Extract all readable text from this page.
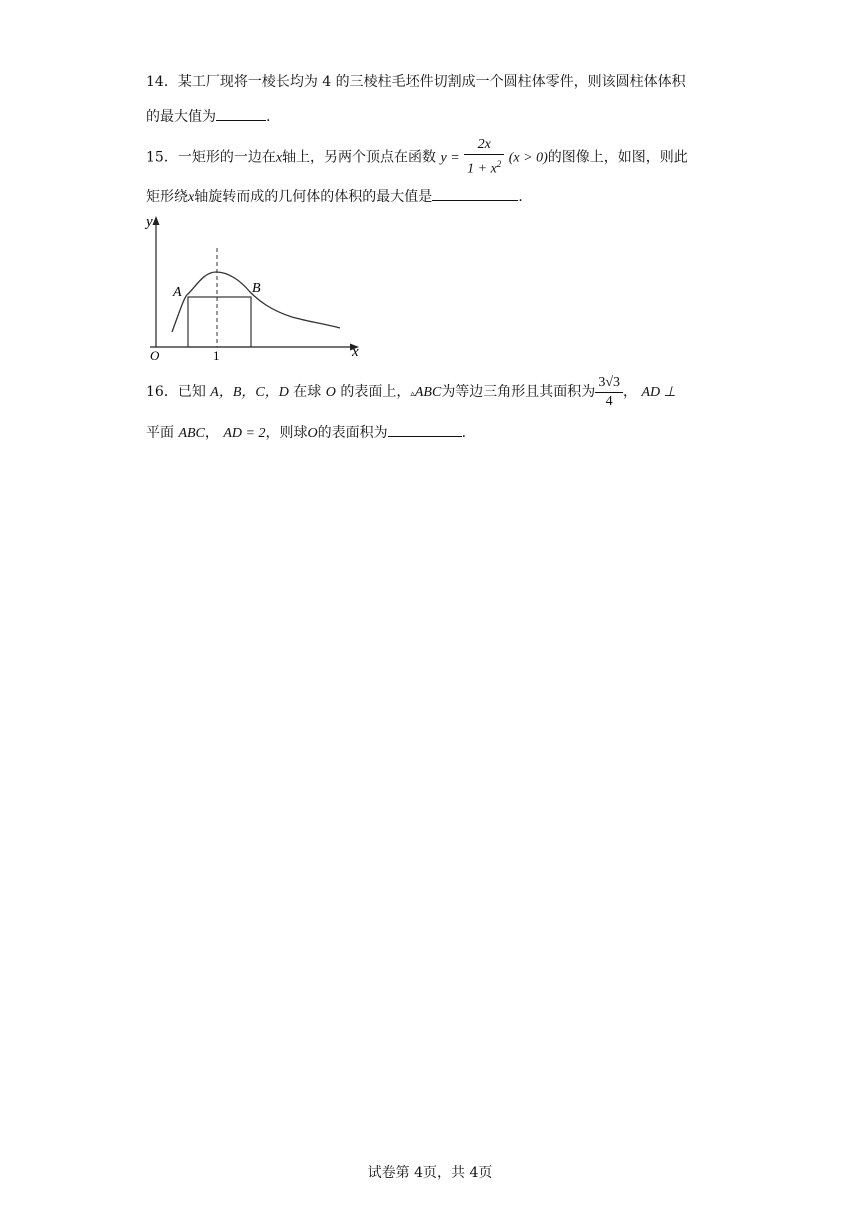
14．某工厂现将一棱长均为 4 的三棱柱毛坯件切割成一个圆柱体零件，则该圆柱体体积
的最大值为	.
15．一矩形的一边在x轴上，另两个顶点在函数 $y = \frac{2x}{1 + x^2} (x > 0)$的图像上，如图，则此
矩形绕x轴旋转而成的几何体的体积的最大值是	.
y
x
O	1
A	B
16．已知 A，B，C，D 在球 O 的表面上，▵ABC为等边三角形且其面积为 $\frac{3√3}{4}$ ， AD ⊥
平面 ABC， AD = 2，则球O的表面积为	.
试卷第 4页，共 4页
